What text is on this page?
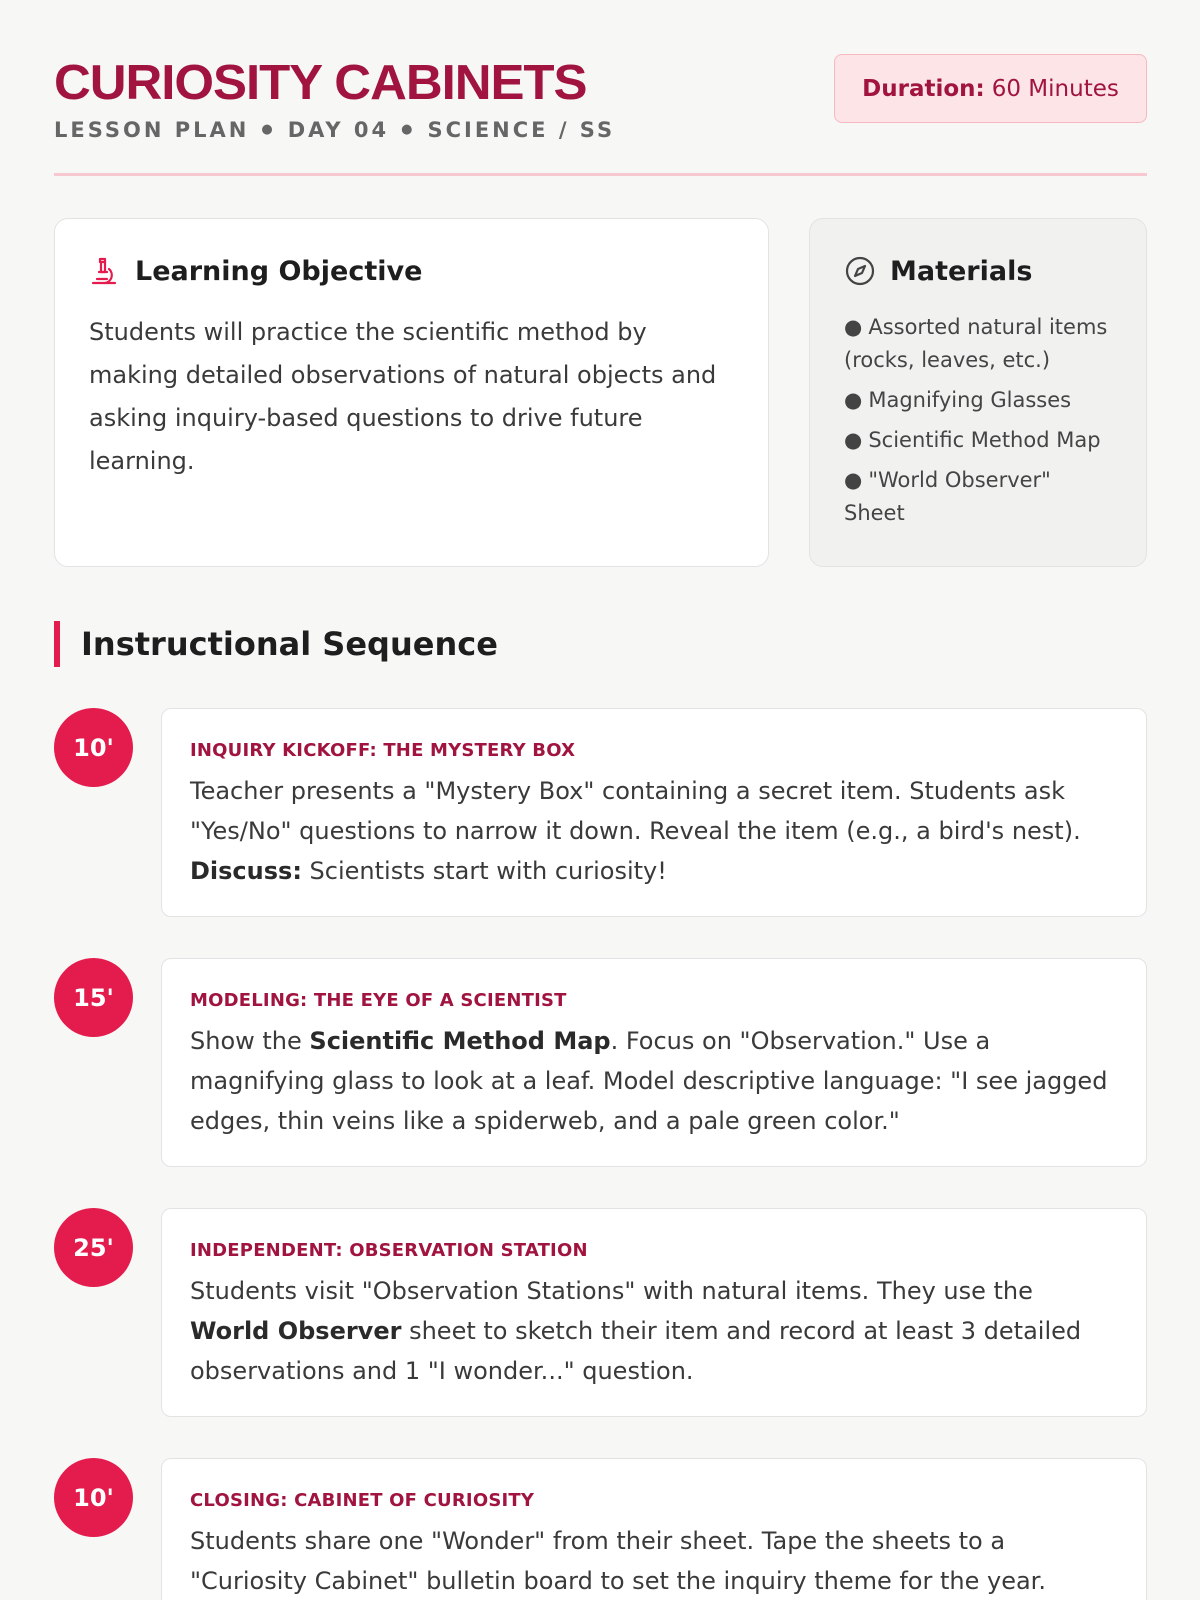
CURIOSITY CABINETS
LESSON PLAN ● DAY 04 ● SCIENCE / SS
Duration: 60 Minutes
Learning Objective

Students will practice the scientific method by making detailed observations of natural objects and asking inquiry-based questions to drive future learning.

Materials
● Assorted natural items (rocks, leaves, etc.)
● Magnifying Glasses
● Scientific Method Map
● "World Observer" Sheet
Instructional Sequence
10'	INQUIRY KICKOFF: THE MYSTERY BOX

Teacher presents a "Mystery Box" containing a secret item. Students ask "Yes/No" questions to narrow it down. Reveal the item (e.g., a bird's nest). Discuss: Scientists start with curiosity!

15'	MODELING: THE EYE OF A SCIENTIST

Show the Scientific Method Map. Focus on "Observation." Use a magnifying glass to look at a leaf. Model descriptive language: "I see jagged edges, thin veins like a spiderweb, and a pale green color."

25'	INDEPENDENT: OBSERVATION STATION

Students visit "Observation Stations" with natural items. They use the World Observer sheet to sketch their item and record at least 3 detailed observations and 1 "I wonder..." question.

10'	CLOSING: CABINET OF CURIOSITY

Students share one "Wonder" from their sheet. Tape the sheets to a "Curiosity Cabinet" bulletin board to set the inquiry theme for the year.
